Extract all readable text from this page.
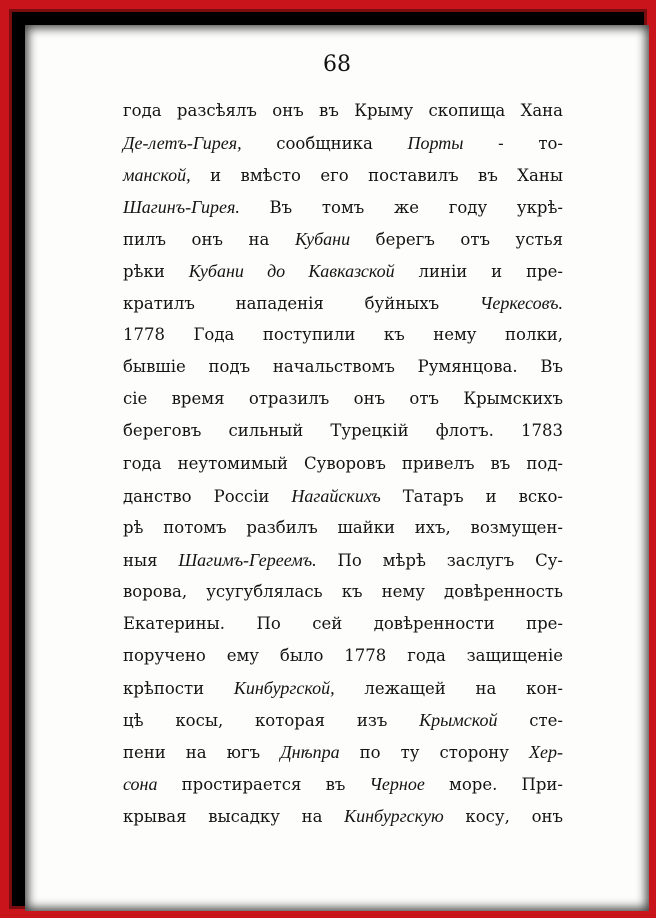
68
года разсѣялъ онъ въ Крыму скопища Хана
Де-летъ-Гирея, сообщника Порты - то-
манской, и вмѣсто его поставилъ въ Ханы
Шагинъ-Гирея. Въ томъ же году укрѣ-
пилъ онъ на Кубани берегъ отъ устья
рѣки Кубани до Кавказской линіи и пре-
кратилъ нападенія буйныхъ Черкесовъ.
1778 Года поступили къ нему полки,
бывшіе подъ начальствомъ Румянцова. Въ
сіе время отразилъ онъ отъ Крымскихъ
береговъ сильный Турецкій флотъ. 1783
года неутомимый Суворовъ привелъ въ под-
данство Россіи Нагайскихъ Татаръ и вско-
рѣ потомъ разбилъ шайки ихъ, возмущен-
ныя Шагимъ-Гереемъ. По мѣрѣ заслугъ Су-
ворова, усугублялась къ нему довѣренность
Екатерины. По сей довѣренности пре-
поручено ему было 1778 года защищеніе
крѣпости Кинбургской, лежащей на кон-
цѣ косы, которая изъ Крымской сте-
пени на югъ Днѣпра по ту сторону Хер-
сона простирается въ Черное море. При-
крывая высадку на Кинбургскую косу, онъ
